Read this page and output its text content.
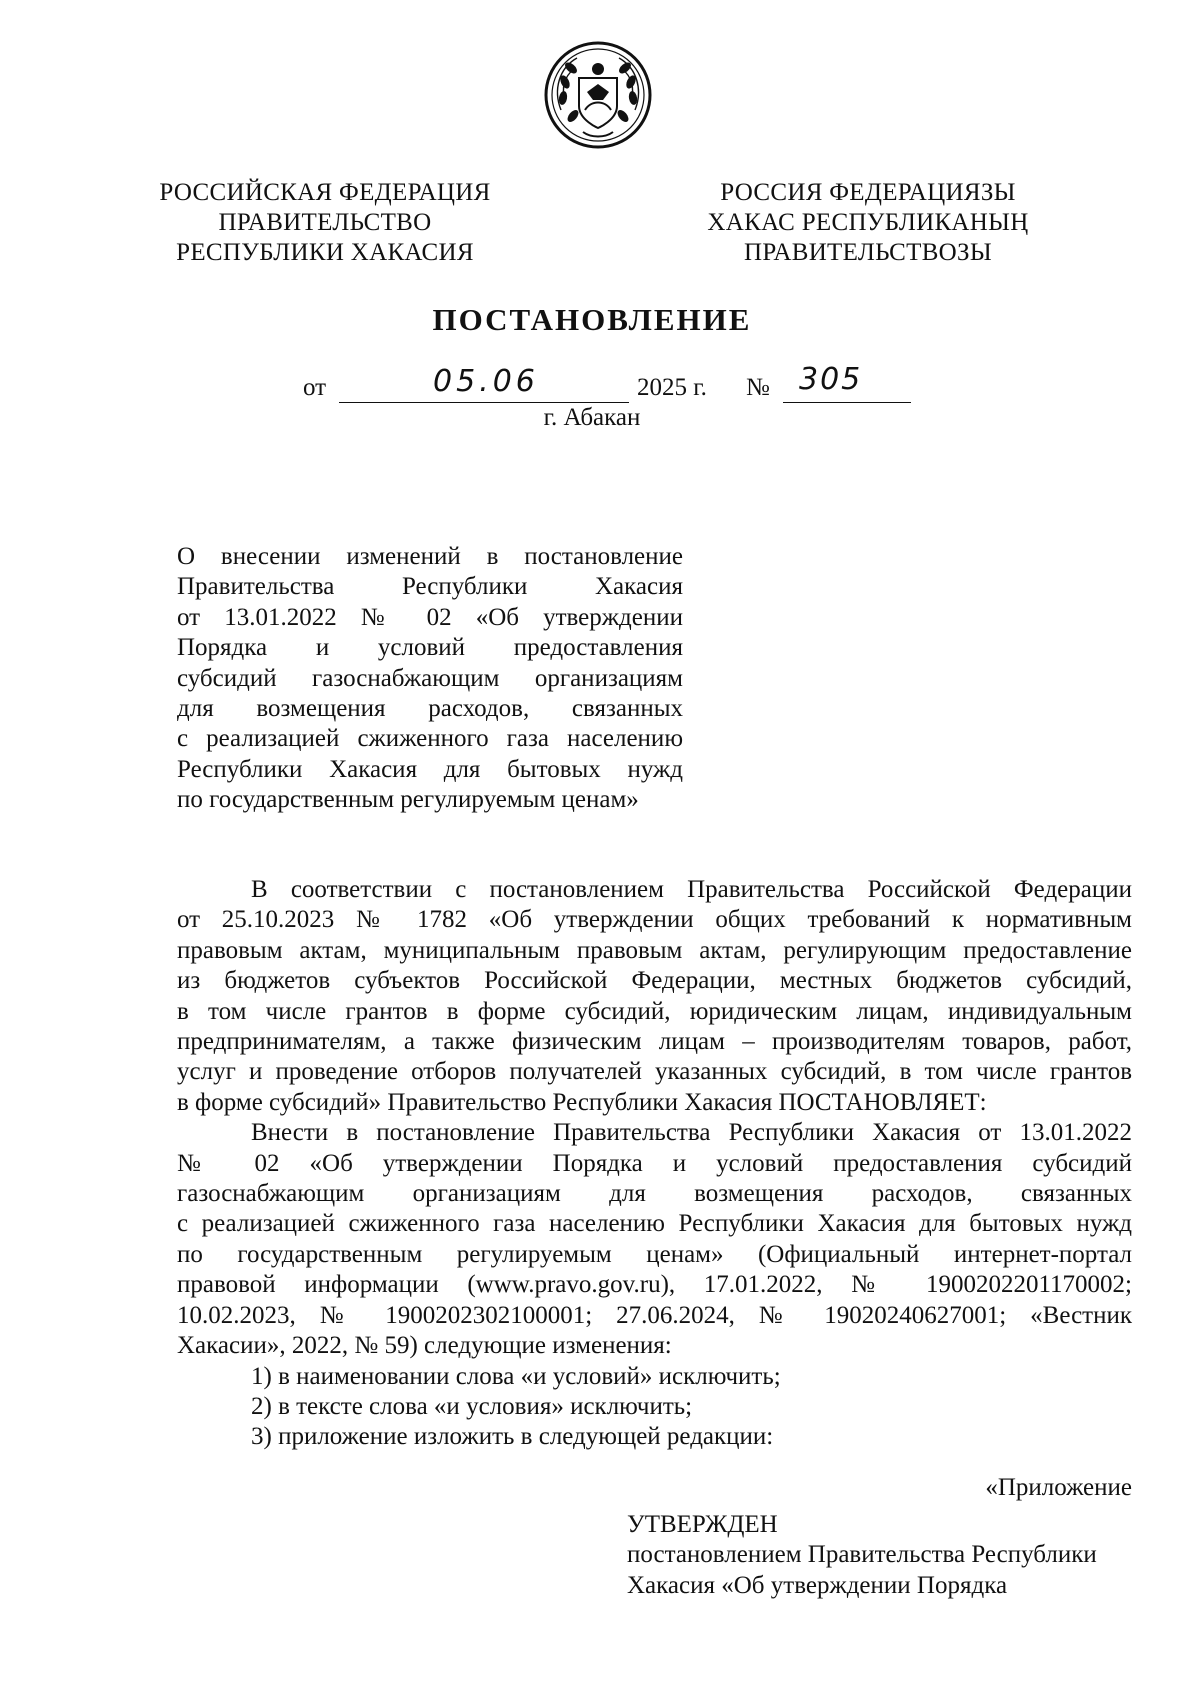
РОССИЙСКАЯ ФЕДЕРАЦИЯ
ПРАВИТЕЛЬСТВО
РЕСПУБЛИКИ ХАКАСИЯ
РОССИЯ ФЕДЕРАЦИЯЗЫ
ХАКАС РЕСПУБЛИКАНЫҢ
ПРАВИТЕЛЬСТВОЗЫ
ПОСТАНОВЛЕНИЕ
от	05.06	2025 г. № 305
г. Абакан
О внесении изменений в постановление
Правительства Республики Хакасия
от 13.01.2022 № 02 «Об утверждении
Порядка и условий предоставления
субсидий газоснабжающим организациям
для возмещения расходов, связанных
с реализацией сжиженного газа населению
Республики Хакасия для бытовых нужд
по государственным регулируемым ценам»
В соответствии с постановлением Правительства Российской Федерации
от 25.10.2023 № 1782 «Об утверждении общих требований к нормативным
правовым актам, муниципальным правовым актам, регулирующим предоставление
из бюджетов субъектов Российской Федерации, местных бюджетов субсидий,
в том числе грантов в форме субсидий, юридическим лицам, индивидуальным
предпринимателям, а также физическим лицам – производителям товаров, работ,
услуг и проведение отборов получателей указанных субсидий, в том числе грантов
в форме субсидий» Правительство Республики Хакасия ПОСТАНОВЛЯЕТ:
Внести в постановление Правительства Республики Хакасия от 13.01.2022
№ 02 «Об утверждении Порядка и условий предоставления субсидий
газоснабжающим организациям для возмещения расходов, связанных
с реализацией сжиженного газа населению Республики Хакасия для бытовых нужд
по государственным регулируемым ценам» (Официальный интернет-портал
правовой информации (www.pravo.gov.ru), 17.01.2022, № 1900202201170002;
10.02.2023, № 1900202302100001; 27.06.2024, № 19020240627001; «Вестник
Хакасии», 2022, № 59) следующие изменения:
1) в наименовании слова «и условий» исключить;
2) в тексте слова «и условия» исключить;
3) приложение изложить в следующей редакции:
«Приложение
УТВЕРЖДЕН
постановлением Правительства Республики
Хакасия «Об утверждении Порядка
